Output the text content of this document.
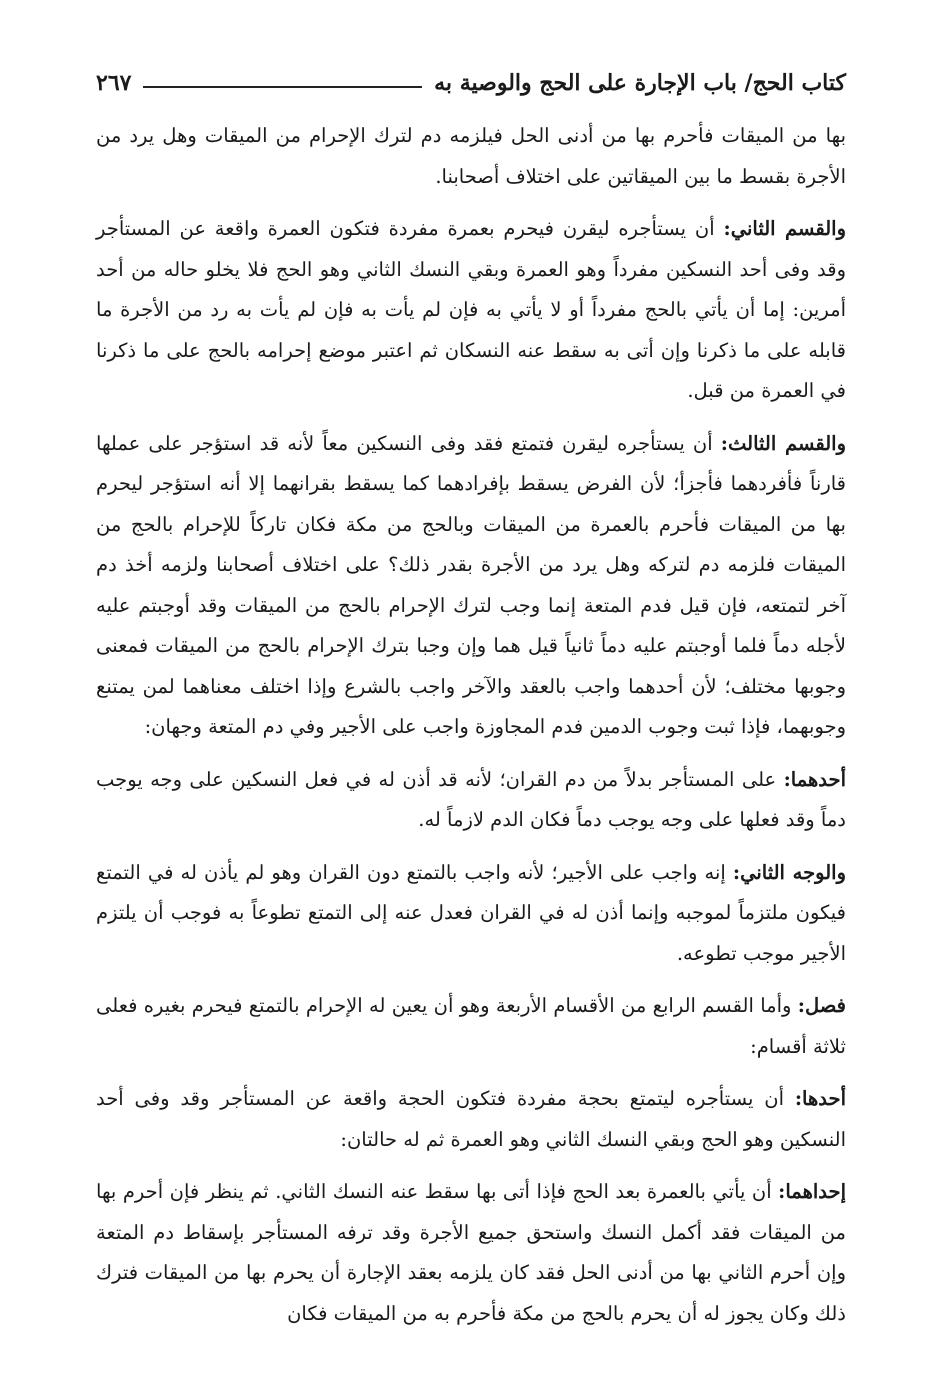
كتاب الحج/ باب الإجارة على الحج والوصية به
٢٦٧

بها من الميقات فأحرم بها من أدنى الحل فيلزمه دم لترك الإحرام من الميقات وهل يرد من الأجرة بقسط ما بين الميقاتين على اختلاف أصحابنا.

والقسم الثاني: أن يستأجره ليقرن فيحرم بعمرة مفردة فتكون العمرة واقعة عن المستأجر وقد وفى أحد النسكين مفرداً وهو العمرة وبقي النسك الثاني وهو الحج فلا يخلو حاله من أحد أمرين: إما أن يأتي بالحج مفرداً أو لا يأتي به فإن لم يأت به فإن لم يأت به رد من الأجرة ما قابله على ما ذكرنا وإن أتى به سقط عنه النسكان ثم اعتبر موضع إحرامه بالحج على ما ذكرنا في العمرة من قبل.

والقسم الثالث: أن يستأجره ليقرن فتمتع فقد وفى النسكين معاً لأنه قد استؤجر على عملها قارناً فأفردهما فأجزأ؛ لأن الفرض يسقط بإفرادهما كما يسقط بقرانهما إلا أنه استؤجر ليحرم بها من الميقات فأحرم بالعمرة من الميقات وبالحج من مكة فكان تاركاً للإحرام بالحج من الميقات فلزمه دم لتركه وهل يرد من الأجرة بقدر ذلك؟ على اختلاف أصحابنا ولزمه أخذ دم آخر لتمتعه، فإن قيل فدم المتعة إنما وجب لترك الإحرام بالحج من الميقات وقد أوجبتم عليه لأجله دماً فلما أوجبتم عليه دماً ثانياً قيل هما وإن وجبا بترك الإحرام بالحج من الميقات فمعنى وجوبها مختلف؛ لأن أحدهما واجب بالعقد والآخر واجب بالشرع وإذا اختلف معناهما لمن يمتنع وجوبهما، فإذا ثبت وجوب الدمين فدم المجاوزة واجب على الأجير وفي دم المتعة وجهان:

أحدهما: على المستأجر بدلاً من دم القران؛ لأنه قد أذن له في فعل النسكين على وجه يوجب دماً وقد فعلها على وجه يوجب دماً فكان الدم لازماً له.

والوجه الثاني: إنه واجب على الأجير؛ لأنه واجب بالتمتع دون القران وهو لم يأذن له في التمتع فيكون ملتزماً لموجبه وإنما أذن له في القران فعدل عنه إلى التمتع تطوعاً به فوجب أن يلتزم الأجير موجب تطوعه.

فصل: وأما القسم الرابع من الأقسام الأربعة وهو أن يعين له الإحرام بالتمتع فيحرم بغيره فعلى ثلاثة أقسام:

أحدها: أن يستأجره ليتمتع بحجة مفردة فتكون الحجة واقعة عن المستأجر وقد وفى أحد النسكين وهو الحج وبقي النسك الثاني وهو العمرة ثم له حالتان:

إحداهما: أن يأتي بالعمرة بعد الحج فإذا أتى بها سقط عنه النسك الثاني. ثم ينظر فإن أحرم بها من الميقات فقد أكمل النسك واستحق جميع الأجرة وقد ترفه المستأجر بإسقاط دم المتعة وإن أحرم الثاني بها من أدنى الحل فقد كان يلزمه بعقد الإجارة أن يحرم بها من الميقات فترك ذلك وكان يجوز له أن يحرم بالحج من مكة فأحرم به من الميقات فكان
